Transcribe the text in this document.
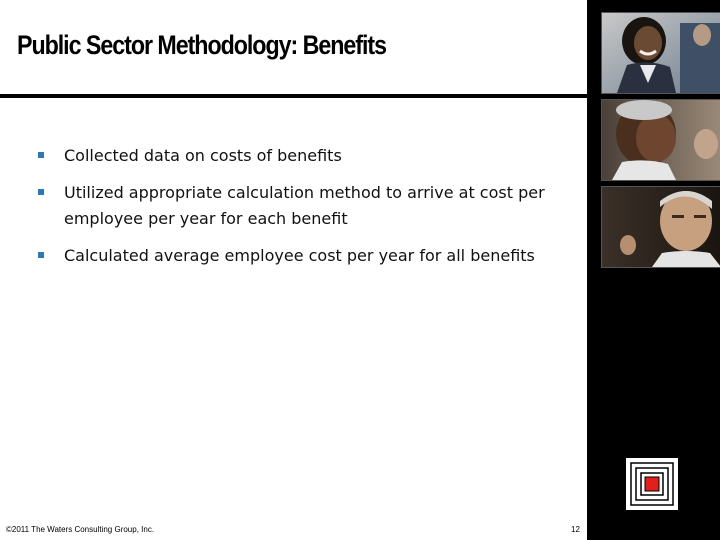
Public Sector Methodology: Benefits
Collected data on costs of benefits
Utilized appropriate calculation method to arrive at cost per employee per year for each benefit
Calculated average employee cost per year for all benefits
©2011 The Waters Consulting Group, Inc.	12
